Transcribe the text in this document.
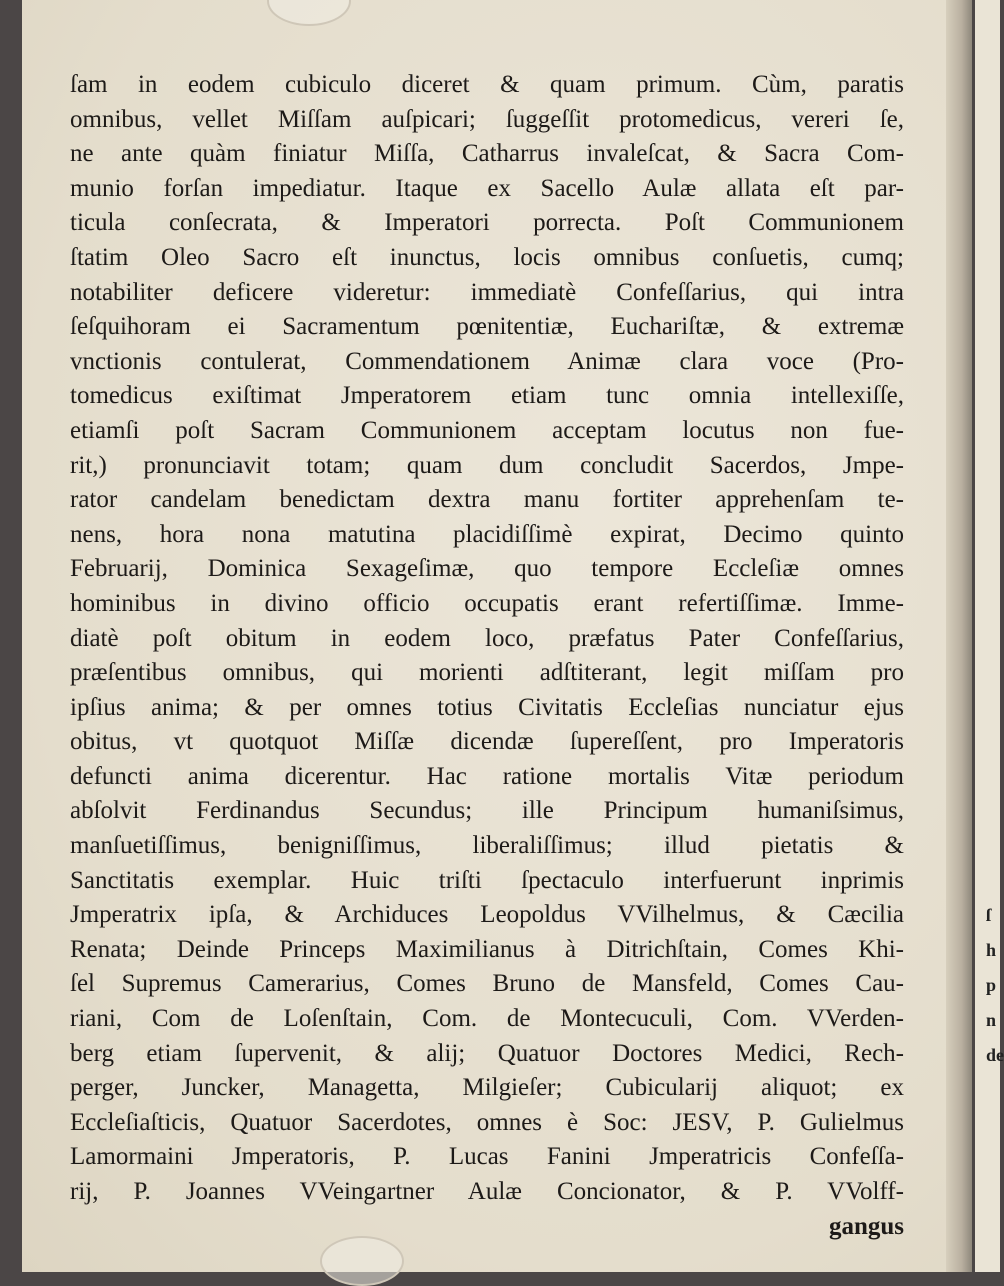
ſam in eodem cubiculo diceret & quam primum. Cùm, paratis
omnibus, vellet Miſſam auſpicari; ſuggeſſit protomedicus, vereri ſe,
ne ante quàm finiatur Miſſa, Catharrus invaleſcat, & Sacra Com-
munio forſan impediatur. Itaque ex Sacello Aulæ allata eſt par-
ticula conſecrata, & Imperatori porrecta. Poſt Communionem
ſtatim Oleo Sacro eſt inunctus, locis omnibus conſuetis, cumq;
notabiliter deficere videretur: immediatè Confeſſarius, qui intra
ſeſquihoram ei Sacramentum pœnitentiæ, Euchariſtæ, & extremæ
vnctionis contulerat, Commendationem Animæ clara voce (Pro-
tomedicus exiſtimat Jmperatorem etiam tunc omnia intellexiſſe,
etiamſi poſt Sacram Communionem acceptam locutus non fue-
rit,) pronunciavit totam; quam dum concludit Sacerdos, Jmpe-
rator candelam benedictam dextra manu fortiter apprehenſam te-
nens, hora nona matutina placidiſſimè expirat, Decimo quinto
Februarij, Dominica Sexageſimæ, quo tempore Eccleſiæ omnes
hominibus in divino officio occupatis erant refertiſſimæ. Imme-
diatè poſt obitum in eodem loco, præfatus Pater Confeſſarius,
præſentibus omnibus, qui morienti adſtiterant, legit miſſam pro
ipſius anima; & per omnes totius Civitatis Eccleſias nunciatur ejus
obitus, vt quotquot Miſſæ dicendæ ſupereſſent, pro Imperatoris
defuncti anima dicerentur. Hac ratione mortalis Vitæ periodum
abſolvit Ferdinandus Secundus; ille Principum humaniſsimus,
manſuetiſſimus, benigniſſimus, liberaliſſimus; illud pietatis &
Sanctitatis exemplar. Huic triſti ſpectaculo interfuerunt inprimis
Jmperatrix ipſa, & Archiduces Leopoldus VVilhelmus, & Cæcilia
Renata; Deinde Princeps Maximilianus à Ditrichſtain, Comes Khi-
ſel Supremus Camerarius, Comes Bruno de Mansfeld, Comes Cau-
riani, Com de Loſenſtain, Com. de Montecuculi, Com. VVerden-
berg etiam ſupervenit, & alij; Quatuor Doctores Medici, Rech-
perger, Juncker, Managetta, Milgieſer; Cubicularij aliquot; ex
Eccleſiaſticis, Quatuor Sacerdotes, omnes è Soc: JESV, P. Gulielmus
Lamormaini Jmperatoris, P. Lucas Fanini Jmperatricis Confeſſa-
rij, P. Joannes VVeingartner Aulæ Concionator, & P. VVolff-
gangus
ſ
h
p
n
de
